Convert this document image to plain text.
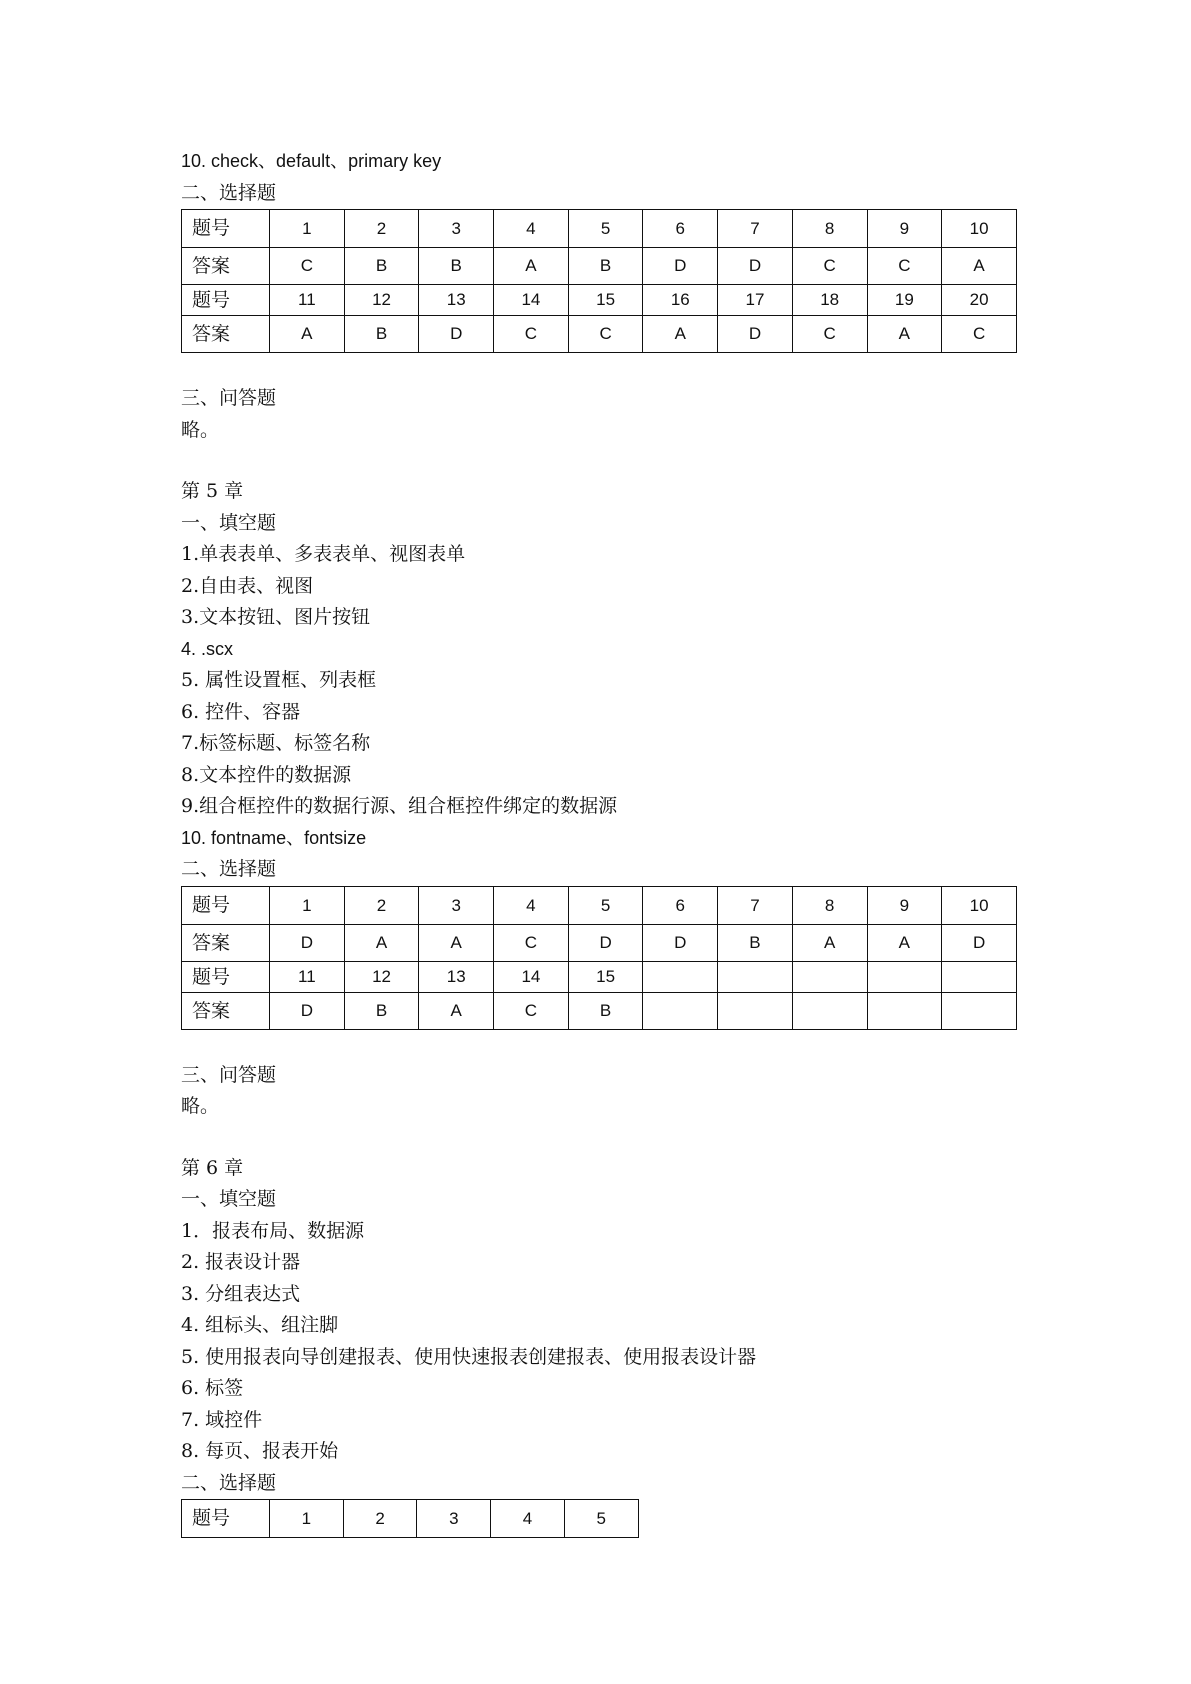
10. check、default、primary key
二、选择题
题号	1	2	3	4	5	6	7	8	9	10
答案	C	B	B	A	B	D	D	C	C	A
题号	11	12	13	14	15	16	17	18	19	20
答案	A	B	D	C	C	A	D	C	A	C
三、问答题
略。
第 5 章
一、填空题
1.单表表单、多表表单、视图表单
2.自由表、视图
3.文本按钮、图片按钮
4. .scx
5. 属性设置框、列表框
6. 控件、容器
7.标签标题、标签名称
8.文本控件的数据源
9.组合框控件的数据行源、组合框控件绑定的数据源
10. fontname、fontsize
二、选择题
题号	1	2	3	4	5	6	7	8	9	10
答案	D	A	A	C	D	D	B	A	A	D
题号	11	12	13	14	15					
答案	D	B	A	C	B					
三、问答题
略。
第 6 章
一、填空题
1．报表布局、数据源
2. 报表设计器
3. 分组表达式
4. 组标头、组注脚
5. 使用报表向导创建报表、使用快速报表创建报表、使用报表设计器
6. 标签
7. 域控件
8. 每页、报表开始
二、选择题
题号	1	2	3	4	5
